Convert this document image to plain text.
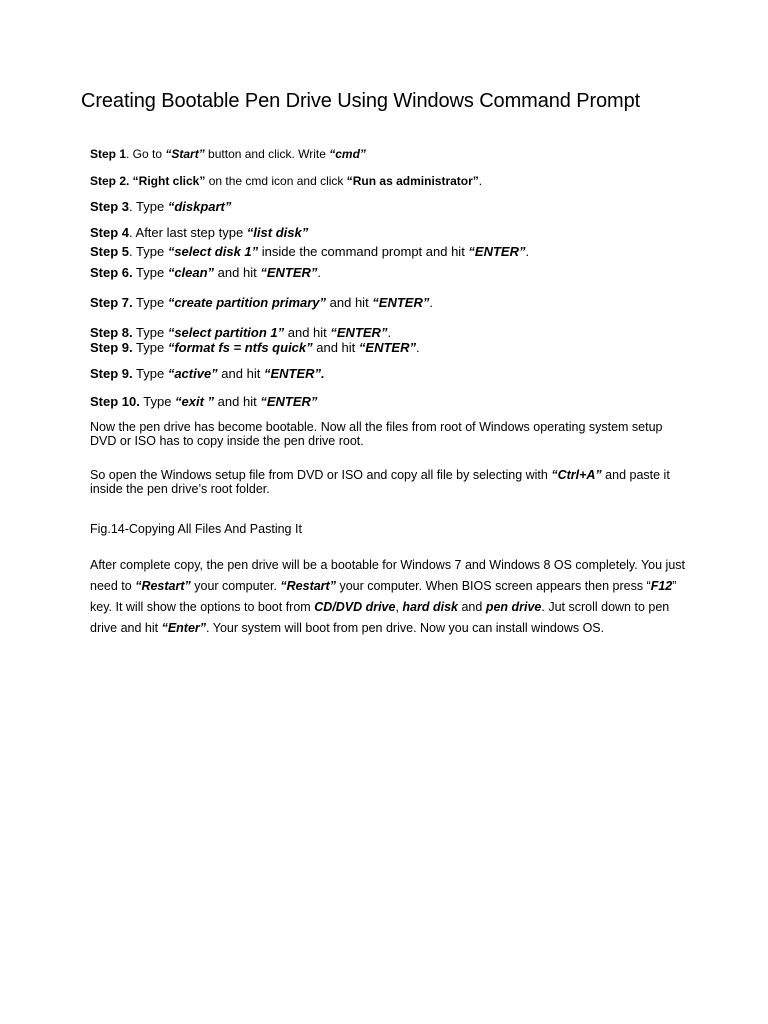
Creating Bootable Pen Drive Using Windows Command Prompt

Step 1. Go to “Start” button and click. Write “cmd”

Step 2. “Right click” on the cmd icon and click “Run as administrator”.

Step 3. Type “diskpart”

Step 4. After last step type “list disk”

Step 5. Type “select disk 1” inside the command prompt and hit “ENTER”.

Step 6. Type “clean” and hit “ENTER”.

Step 7. Type “create partition primary” and hit “ENTER”.

Step 8. Type “select partition 1” and hit “ENTER”.

Step 9. Type “format fs = ntfs quick” and hit “ENTER”.

Step 9. Type “active” and hit “ENTER”.

Step 10. Type “exit ” and hit “ENTER”

Now the pen drive has become bootable. Now all the files from root of Windows operating system setup DVD or ISO has to copy inside the pen drive root.

So open the Windows setup file from DVD or ISO and copy all file by selecting with “Ctrl+A” and paste it inside the pen drive’s root folder.

Fig.14-Copying All Files And Pasting It

After complete copy, the pen drive will be a bootable for Windows 7 and Windows 8 OS completely. You just need to “Restart” your computer. “Restart” your computer. When BIOS screen appears then press “F12” key. It will show the options to boot from CD/DVD drive, hard disk and pen drive. Jut scroll down to pen drive and hit “Enter”. Your system will boot from pen drive. Now you can install windows OS.
